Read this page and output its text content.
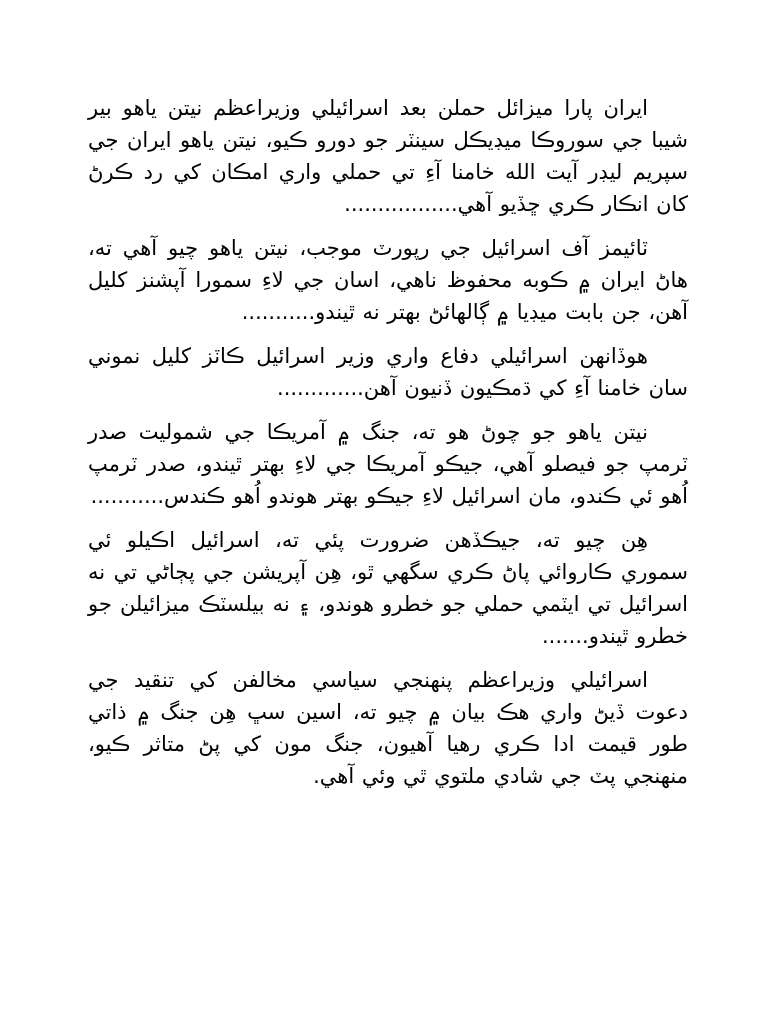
ايران پارا ميزائل حملن بعد اسرائيلي وزيراعظم نيتن ياهو بير شيبا جي سوروڪا ميڊيڪل سينٽر جو دورو ڪيو، نيتن ياهو ايران جي سپريم ليڊر آيت الله خامنا آءِ تي حملي واري امڪان کي رد ڪرڻ کان انڪار ڪري ڇڏيو آهي.................

ٽائيمز آف اسرائيل جي رپورٽ موجب، نيتن ياهو چيو آهي ته، هاڻ ايران ۾ ڪوبه محفوظ ناهي، اسان جي لاءِ سمورا آپشنز کليل آهن، جن بابت ميڊيا ۾ ڳالهائڻ بهتر نه ٿيندو...........

هوڏانهن اسرائيلي دفاع واري وزير اسرائيل ڪاٽز کليل نموني سان خامنا آءِ کي ڌمڪيون ڏنيون آهن.............

نيتن ياهو جو چوڻ هو ته، جنگ ۾ آمريڪا جي شموليت صدر ٽرمپ جو فيصلو آهي، جيڪو آمريڪا جي لاءِ بهتر ٿيندو، صدر ٽرمپ اُهو ئي ڪندو، مان اسرائيل لاءِ جيڪو بهتر هوندو اُهو ڪندس...........

هِن چيو ته، جيڪڏهن ضرورت پئي ته، اسرائيل اڪيلو ئي سموري ڪاروائي پاڻ ڪري سگهي ٿو، هِن آپريشن جي پڄاڻي تي نه اسرائيل تي ايٽمي حملي جو خطرو هوندو، ۽ نه بيلسٽڪ ميزائيلن جو خطرو ٿيندو.......

اسرائيلي وزيراعظم پنهنجي سياسي مخالفن کي تنقيد جي دعوت ڏيڻ واري هڪ بيان ۾ چيو ته، اسين سڀ هِن جنگ ۾ ذاتي طور قيمت ادا ڪري رهيا آهيون، جنگ مون کي پڻ متاثر ڪيو، منهنجي پٽ جي شادي ملتوي ٿي وئي آهي.
